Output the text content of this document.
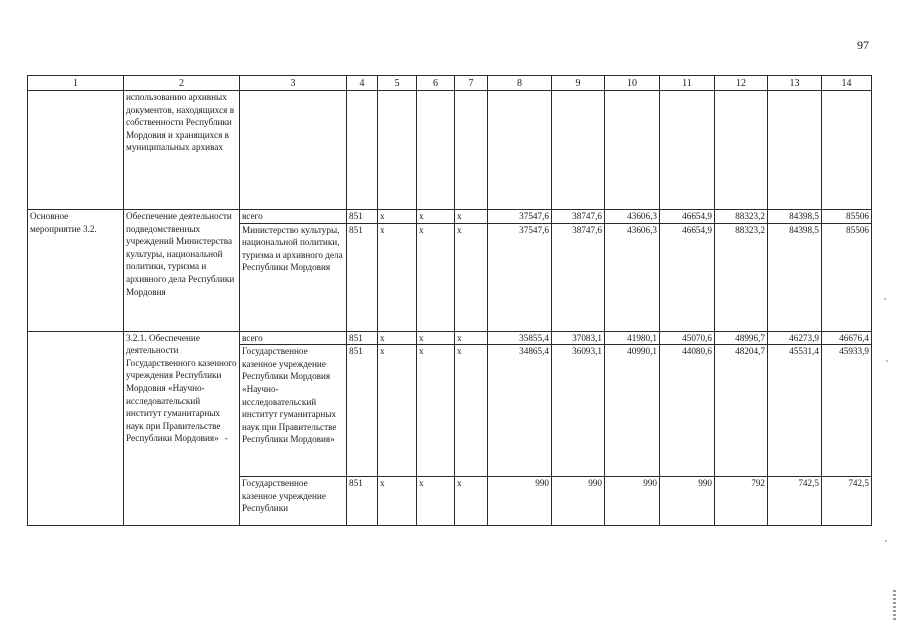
97
1	2	3	4	5	6	7	8	9	10	11	12	13	14
	использованию архивных документов, находящихся в собственности Республики Мордовия и хранящихся в муниципальных архивах												
Основное мероприятие 3.2.	Обеспечение деятельности подведомственных учреждений Министерства культуры, национальной политики, туризма и архивного дела Республики Мордовия	всего	851	х	х	х	37547,6	38747,6	43606,3	46654,9	88323,2	84398,5	85506
		Министерство культуры, национальной политики, туризма и архивного дела Республики Мордовия	851	х	х	х	37547,6	38747,6	43606,3	46654,9	88323,2	84398,5	85506
	3.2.1. Обеспечение деятельности Государственного казенного учреждения Республики Мордовия «Научно-исследовательский институт гуманитарных наук при Правительстве Республики Мордовия» -	всего	851	х	х	х	35855,4	37083,1	41980,1	45070,6	48996,7	46273,9	46676,4
		Государственное казенное учреждение Республики Мордовия «Научно-исследовательский институт гуманитарных наук при Правительстве Республики Мордовия»	851	х	х	х	34865,4	36093,1	40990,1	44080,6	48204,7	45531,4	45933,9
		Государственное казенное учреждение Республики	851	х	х	х	990	990	990	990	792	742,5	742,5
